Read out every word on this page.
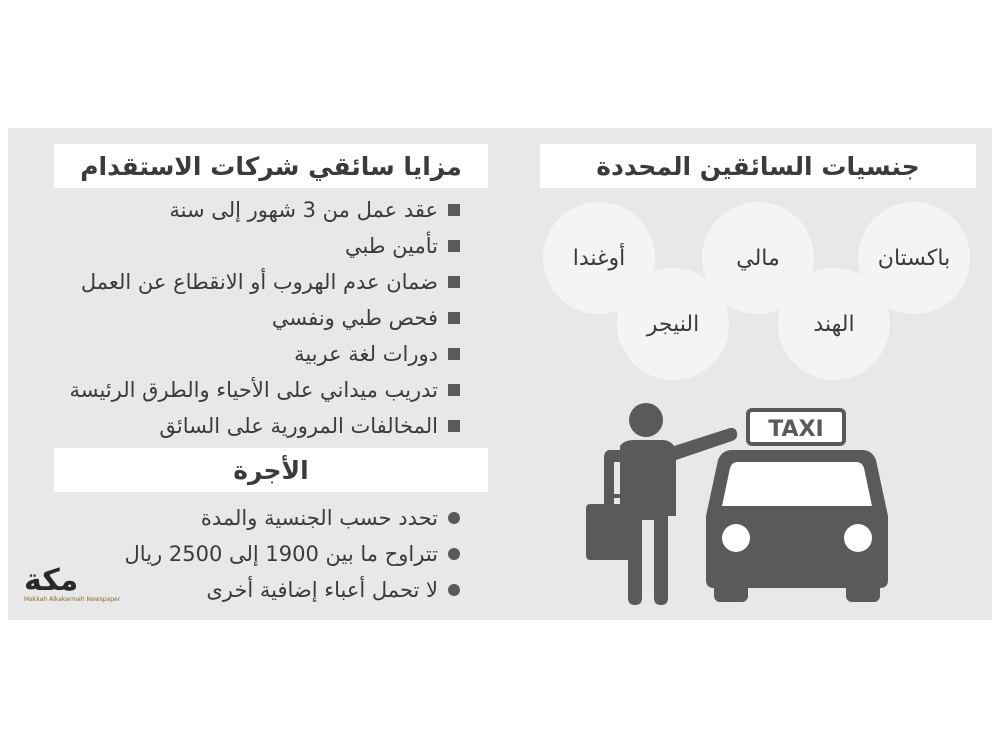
جنسيات السائقين المحددة
مزايا سائقي شركات الاستقدام
باكستان
مالي
أوغندا
الهند
النيجر
عقد عمل من 3 شهور إلى سنة
تأمين طبي
ضمان عدم الهروب أو الانقطاع عن العمل
فحص طبي ونفسي
دورات لغة عربية
تدريب ميداني على الأحياء والطرق الرئيسة
المخالفات المرورية على السائق
الأجرة
تحدد حسب الجنسية والمدة
تتراوح ما بين 1900 إلى 2500 ريال
لا تحمل أعباء إضافية أخرى
مكة
Makkah Alkakarmah Newspaper
TAXI
